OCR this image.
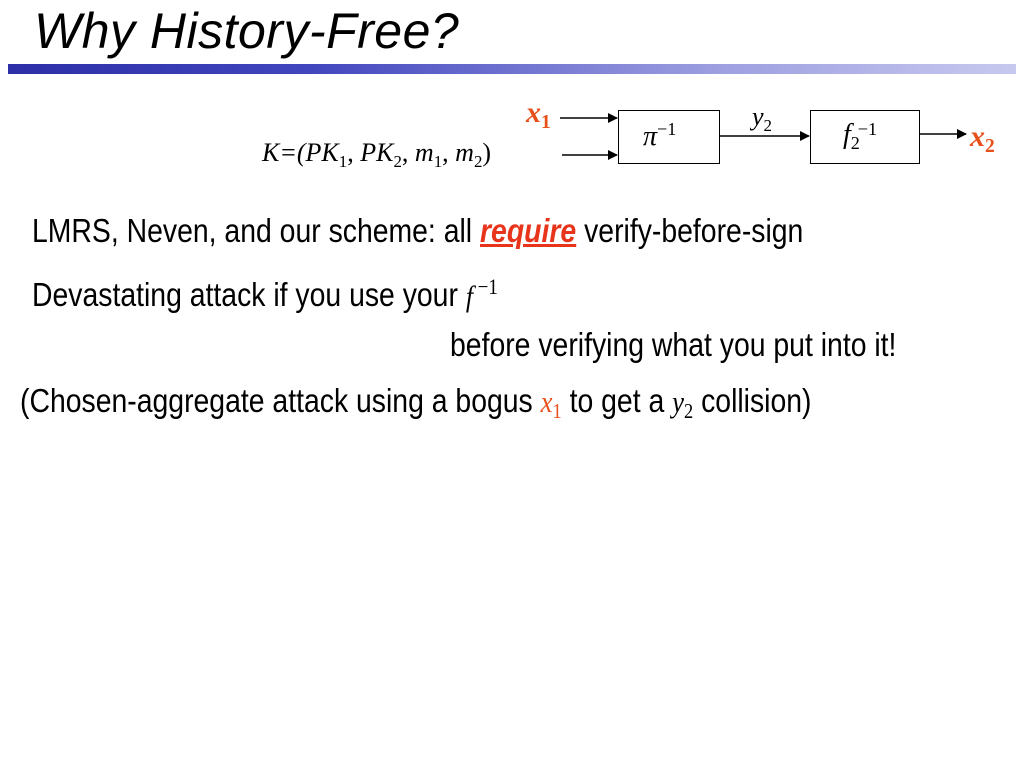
Why History-Free?
$x_1$
$K=(PK_1$, $PK_2$, $m_1$, $m_2$)
$\pi^{-1}$	$y_2$	f 2
$^{-1}$	$x_2$
LMRS, Neven, and our scheme: all require verify-before-sign
Devastating attack if you use your f $^{-1}$
before verifying what you put into it!
(Chosen-aggregate attack using a bogus x1 to get a y2 collision)
